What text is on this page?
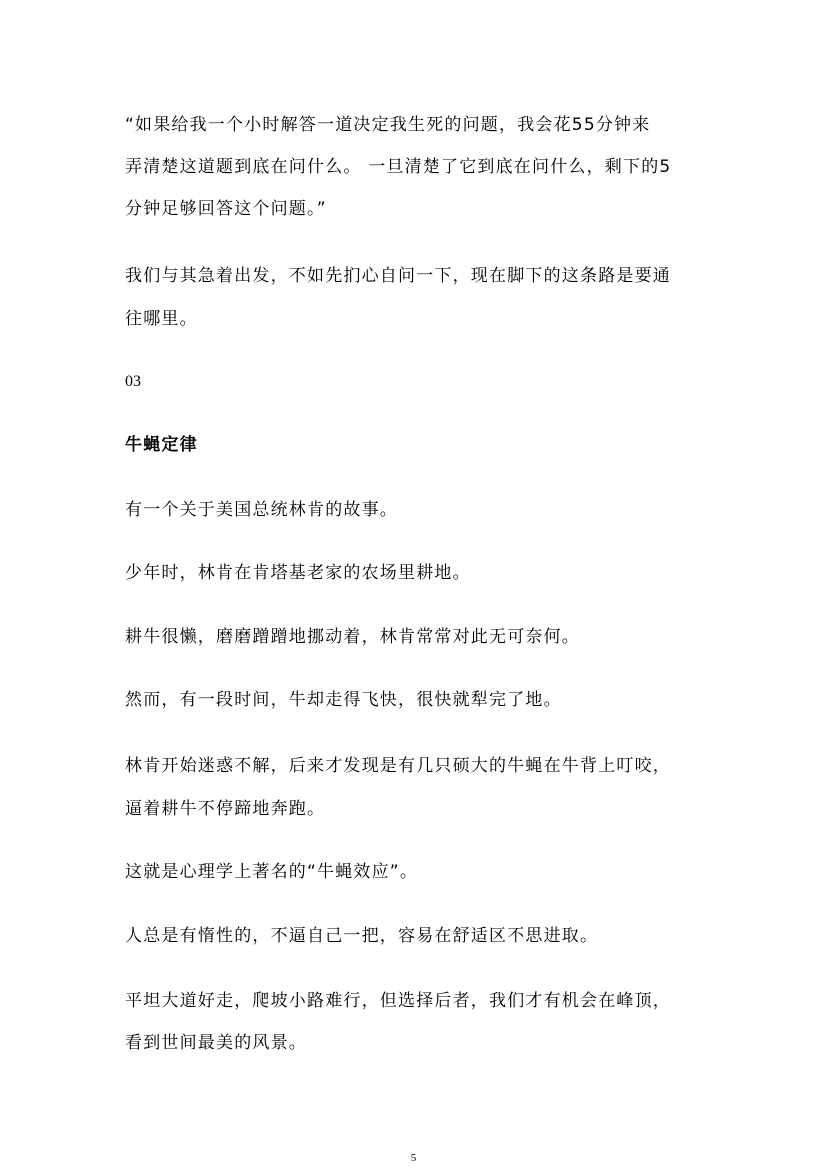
“如果给我一个小时解答一道决定我生死的问题，我会花55分钟来
弄清楚这道题到底在问什么。 一旦清楚了它到底在问什么，剩下的5
分钟足够回答这个问题。”
我们与其急着出发，不如先扪心自问一下，现在脚下的这条路是要通
往哪里。
03
牛蝇定律
有一个关于美国总统林肯的故事。
少年时，林肯在肯塔基老家的农场里耕地。
耕牛很懒，磨磨蹭蹭地挪动着，林肯常常对此无可奈何。
然而，有一段时间，牛却走得飞快，很快就犁完了地。
林肯开始迷惑不解，后来才发现是有几只硕大的牛蝇在牛背上叮咬，
逼着耕牛不停蹄地奔跑。
这就是心理学上著名的“牛蝇效应”。
人总是有惰性的，不逼自己一把，容易在舒适区不思进取。
平坦大道好走，爬坡小路难行，但选择后者，我们才有机会在峰顶，
看到世间最美的风景。
5
